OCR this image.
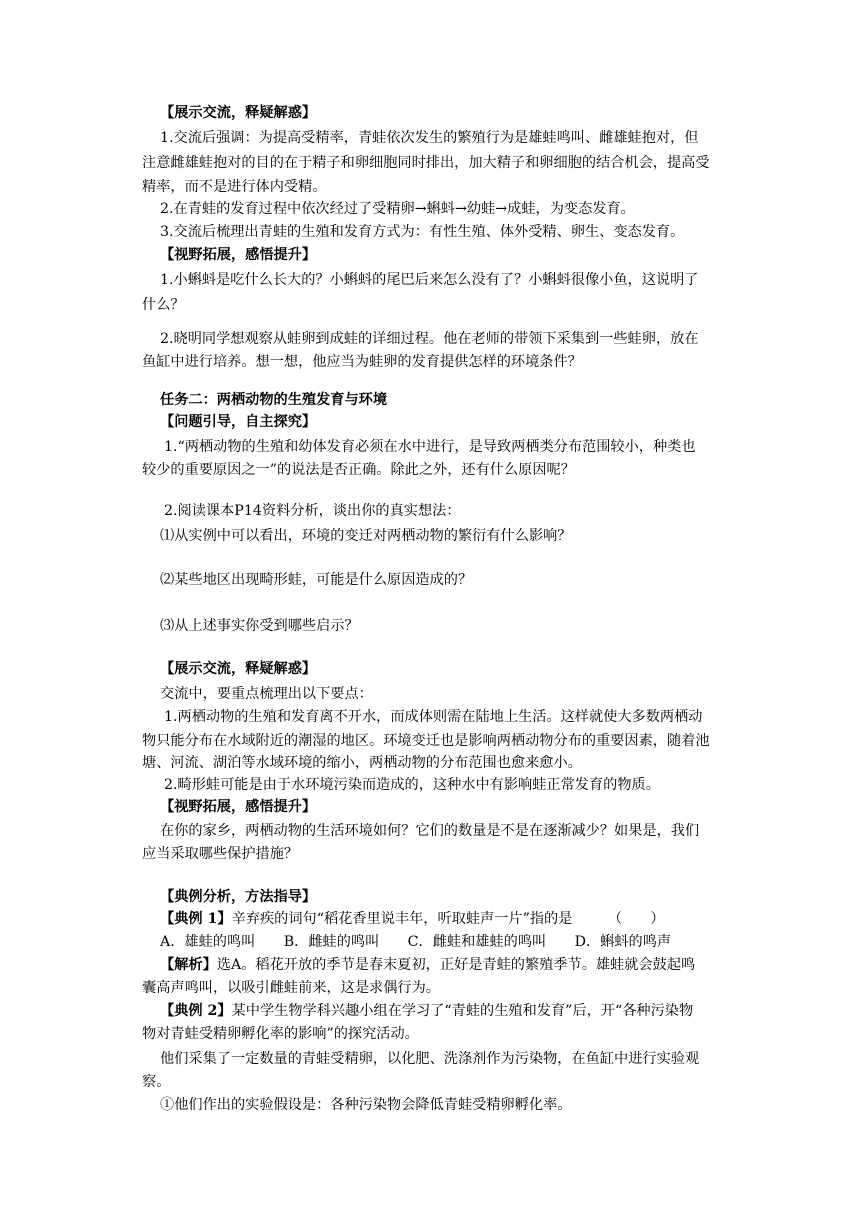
【展示交流，释疑解惑】
1.交流后强调：为提高受精率，青蛙依次发生的繁殖行为是雄蛙鸣叫、雌雄蛙抱对，但
注意雌雄蛙抱对的目的在于精子和卵细胞同时排出，加大精子和卵细胞的结合机会，提高受
精率，而不是进行体内受精。
2.在青蛙的发育过程中依次经过了受精卵→蝌蚪→幼蛙→成蛙，为变态发育。
3.交流后梳理出青蛙的生殖和发育方式为：有性生殖、体外受精、卵生、变态发育。
【视野拓展，感悟提升】
1.小蝌蚪是吃什么长大的？小蝌蚪的尾巴后来怎么没有了？小蝌蚪很像小鱼，这说明了
什么？
2.晓明同学想观察从蛙卵到成蛙的详细过程。他在老师的带领下采集到一些蛙卵，放在
鱼缸中进行培养。想一想，他应当为蛙卵的发育提供怎样的环境条件？
任务二：两栖动物的生殖发育与环境
【问题引导，自主探究】
1.“两栖动物的生殖和幼体发育必须在水中进行，是导致两栖类分布范围较小，种类也
较少的重要原因之一”的说法是否正确。除此之外，还有什么原因呢？
2.阅读课本P14资料分析，谈出你的真实想法：
⑴从实例中可以看出，环境的变迁对两栖动物的繁衍有什么影响？
⑵某些地区出现畸形蛙，可能是什么原因造成的？
⑶从上述事实你受到哪些启示？
【展示交流，释疑解惑】
交流中，要重点梳理出以下要点：
1.两栖动物的生殖和发育离不开水，而成体则需在陆地上生活。这样就使大多数两栖动
物只能分布在水域附近的潮湿的地区。环境变迁也是影响两栖动物分布的重要因素，随着池
塘、河流、湖泊等水域环境的缩小，两栖动物的分布范围也愈来愈小。
2.畸形蛙可能是由于水环境污染而造成的，这种水中有影响蛙正常发育的物质。
【视野拓展，感悟提升】
在你的家乡，两栖动物的生活环境如何？它们的数量是不是在逐渐减少？如果是，我们
应当采取哪些保护措施？
【典例分析，方法指导】
【典例 1】辛弃疾的词句“稻花香里说丰年，听取蛙声一片”指的是　　　（　　）
A．雄蛙的鸣叫　　B．雌蛙的鸣叫　　C．雌蛙和雄蛙的鸣叫　　D．蝌蚪的鸣声
【解析】选A。稻花开放的季节是春末夏初，正好是青蛙的繁殖季节。雄蛙就会鼓起鸣
囊高声鸣叫，以吸引雌蛙前来，这是求偶行为。
【典例 2】某中学生物学科兴趣小组在学习了“青蛙的生殖和发育”后，开“各种污染物
物对青蛙受精卵孵化率的影响”的探究活动。
他们采集了一定数量的青蛙受精卵，以化肥、洗涤剂作为污染物，在鱼缸中进行实验观
察。
①他们作出的实验假设是：各种污染物会降低青蛙受精卵孵化率。
